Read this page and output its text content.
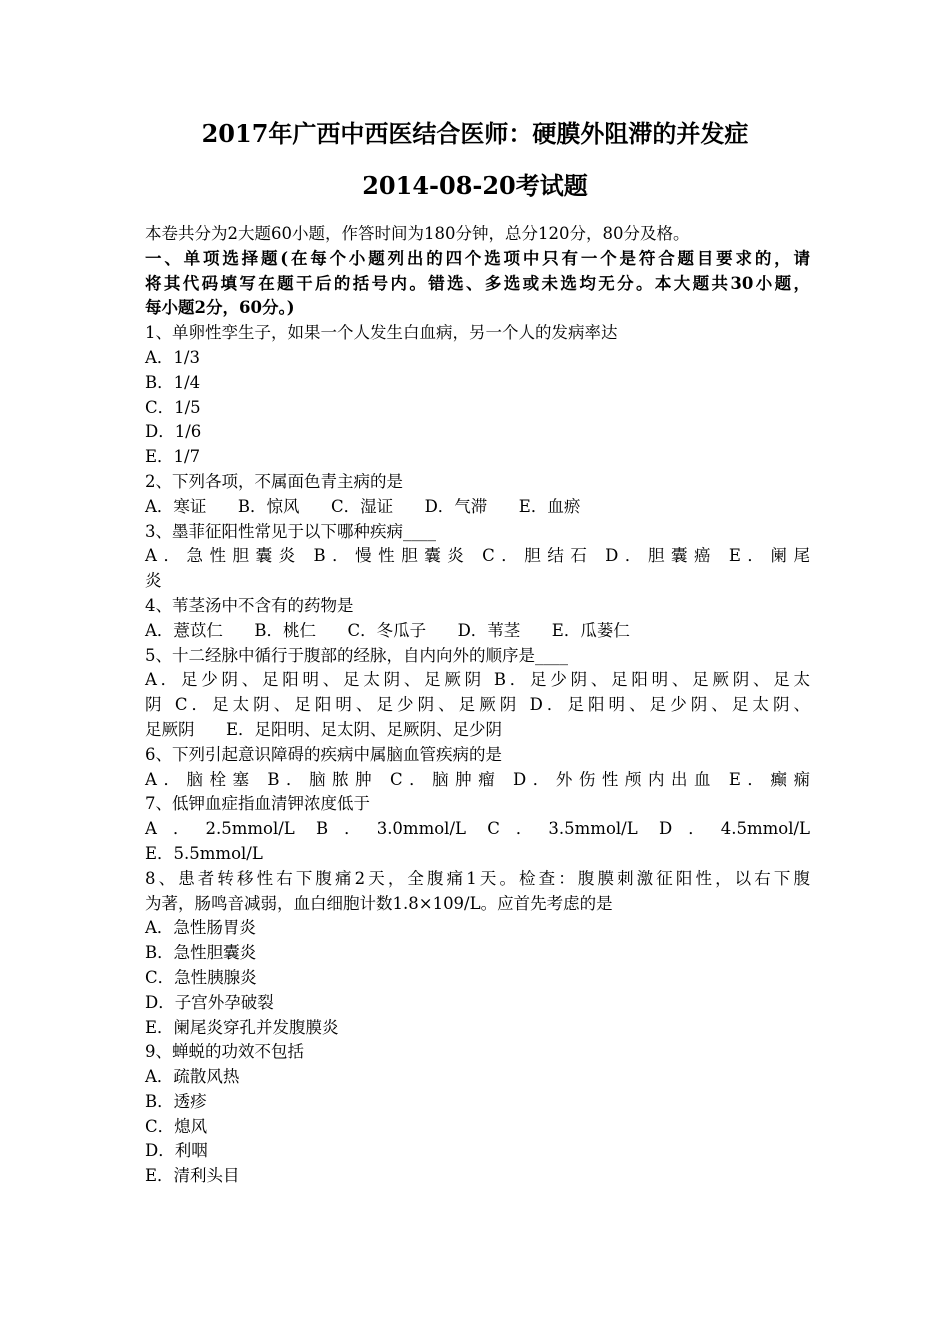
2017年广西中西医结合医师：硬膜外阻滞的并发症
2014-08-20考试题
本卷共分为2大题60小题，作答时间为180分钟，总分120分，80分及格。
一、单项选择题(在每个小题列出的四个选项中只有一个是符合题目要求的，请
将其代码填写在题干后的括号内。错选、多选或未选均无分。本大题共30小题，
每小题2分，60分。)
1、单卵性孪生子，如果一个人发生白血病，另一个人的发病率达
A．1/3
B．1/4
C．1/5
D．1/6
E．1/7
2、下列各项，不属面色青主病的是
A．寒证      B．惊风      C．湿证      D．气滞      E．血瘀
3、墨菲征阳性常见于以下哪种疾病____
A．急性胆囊炎 B．慢性胆囊炎 C．胆结石 D．胆囊癌 E．阑尾
炎
4、苇茎汤中不含有的药物是
A．薏苡仁      B．桃仁      C．冬瓜子      D．苇茎      E．瓜蒌仁
5、十二经脉中循行于腹部的经脉，自内向外的顺序是____
A．足少阴、足阳明、足太阴、足厥阴 B．足少阴、足阳明、足厥阴、足太
阴 C．足太阴、足阳明、足少阴、足厥阴 D．足阳明、足少阴、足太阴、
足厥阴      E．足阳明、足太阴、足厥阴、足少阴
6、下列引起意识障碍的疾病中属脑血管疾病的是
A．脑栓塞 B．脑脓肿 C．脑肿瘤 D．外伤性颅内出血 E．癫痫
7、低钾血症指血清钾浓度低于
A．2.5mmol/L B．3.0mmol/L C．3.5mmol/L D．4.5mmol/L
E．5.5mmol/L
8、患者转移性右下腹痛2天，全腹痛1天。检查：腹膜刺激征阳性，以右下腹
为著，肠鸣音减弱，血白细胞计数1.8×109/L。应首先考虑的是
A．急性肠胃炎
B．急性胆囊炎
C．急性胰腺炎
D．子宫外孕破裂
E．阑尾炎穿孔并发腹膜炎
9、蝉蜕的功效不包括
A．疏散风热
B．透疹
C．熄风
D．利咽
E．清利头目
